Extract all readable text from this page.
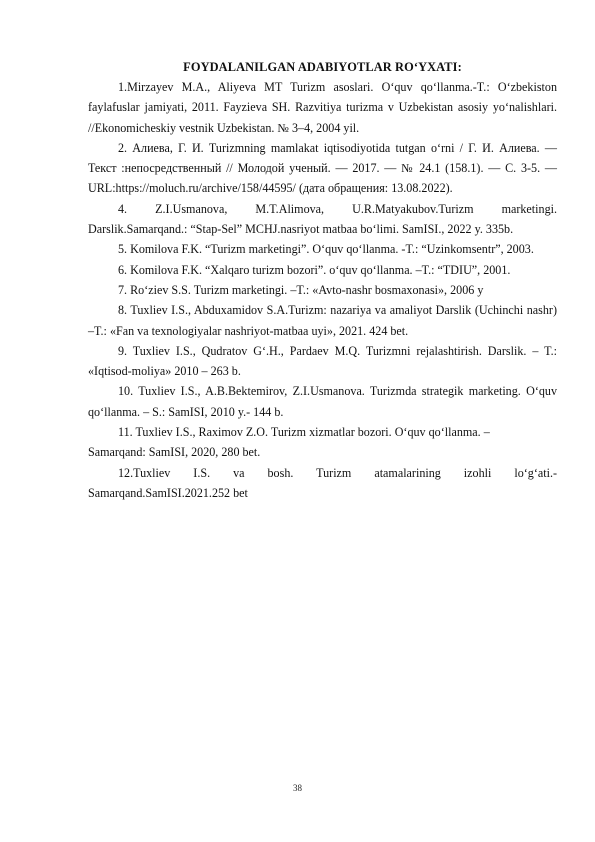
FOYDALANILGAN ADABIYOTLAR RO‘YXATI:

1.Mirzayev M.A., Aliyeva MT Turizm asoslari. O‘quv qo‘llanma.-T.: O‘zbekiston faylafuslar jamiyati, 2011. Fayzieva SH. Razvitiya turizma v Uzbekistan asosiy yo‘nalishlari. //Ekonomicheskiy vestnik Uzbekistan. № 3–4, 2004 yil.

2. Алиева, Г. И. Turizmning mamlakat iqtisodiyotida tutgan o‘rni / Г. И. Алиева. — Текст :непосредственный // Молодой ученый. — 2017. — № 24.1 (158.1). — С. 3-5. — URL:https://moluch.ru/archive/158/44595/ (дата обращения: 13.08.2022).

4. Z.I.Usmanova, M.T.Alimova, U.R.Matyakubov.Turizm marketingi. Darslik.Samarqand.: “Stap-Sel” MCHJ.nasriyot matbaa bo‘limi. SamISI., 2022 y. 335b.

5. Komilova F.K. “Turizm marketingi”. O‘quv qo‘llanma. -T.: “Uzinkomsentr”, 2003.

6. Komilova F.K. “Xalqaro turizm bozori”. o‘quv qo‘llanma. –T.: “TDIU”, 2001.

7. Ro‘ziev S.S. Turizm marketingi. –T.: «Avto-nashr bosmaxonasi», 2006 y

8. Tuxliev I.S., Abduxamidov S.A.Turizm: nazariya va amaliyot Darslik (Uchinchi nashr) –T.: «Fan va texnologiyalar nashriyot-matbaa uyi», 2021. 424 bet.

9. Tuxliev I.S., Qudratov G‘.H., Pardaev M.Q. Turizmni rejalashtirish. Darslik. – T.: «Iqtisod-moliya» 2010 – 263 b.

10. Tuxliev I.S., A.B.Bektemirov, Z.I.Usmanova. Turizmda strategik marketing. O‘quv qo‘llanma. – S.: SamISI, 2010 y.- 144 b.

11. Tuxliev I.S., Raximov Z.O. Turizm xizmatlar bozori. O‘quv qo‘llanma. –

Samarqand: SamISI, 2020, 280 bet.

12.Tuxliev I.S. va bosh. Turizm atamalarining izohli lo‘g‘ati.-Samarqand.SamISI.2021.252 bet

38
